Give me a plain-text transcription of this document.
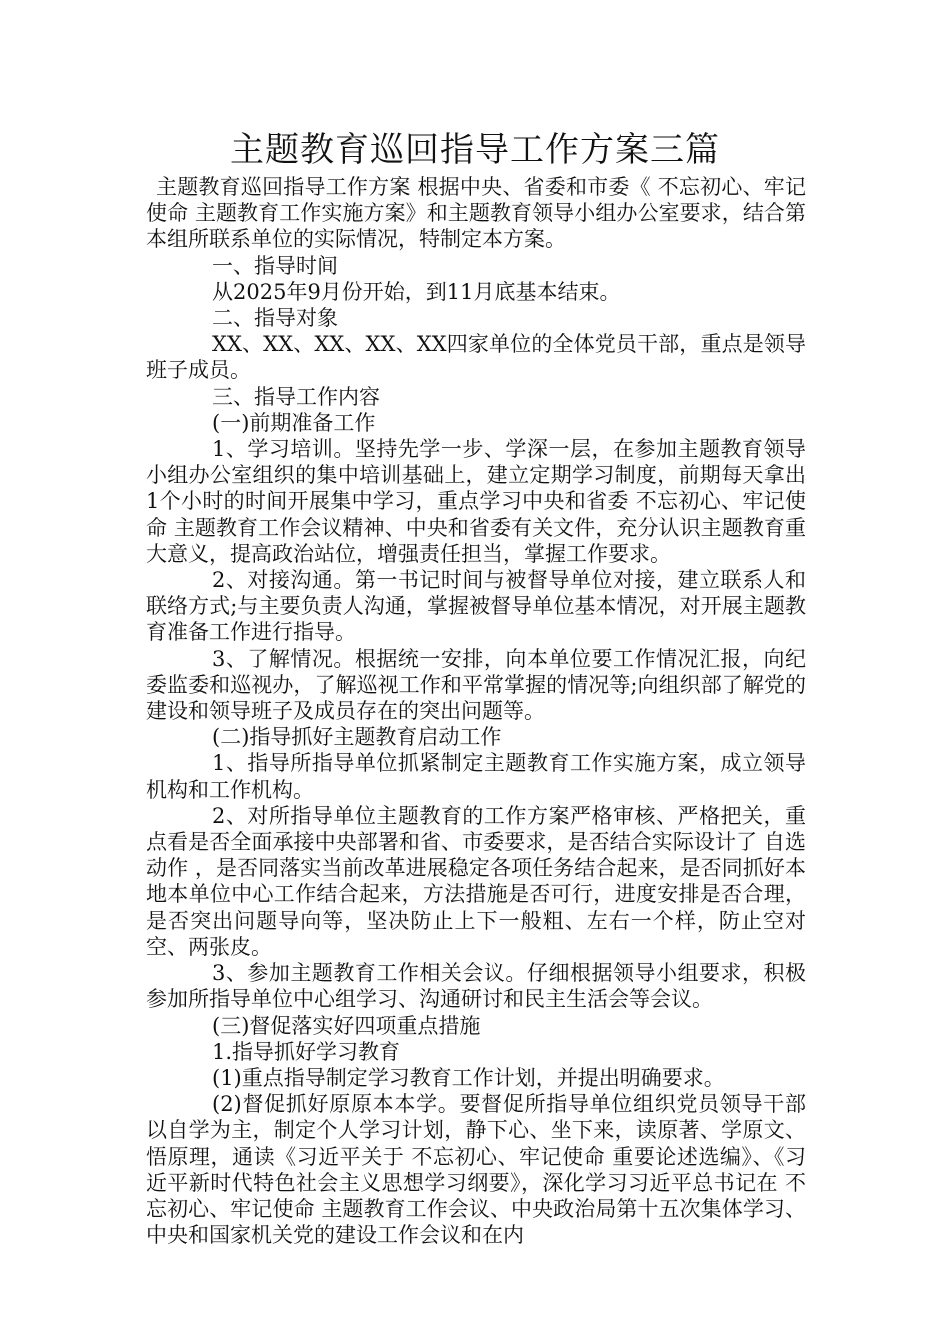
主题教育巡回指导工作方案三篇

主题教育巡回指导工作方案 根据中央、省委和市委《 不忘初心、牢记使命 主题教育工作实施方案》和主题教育领导小组办公室要求，结合第本组所联系单位的实际情况，特制定本方案。

一、指导时间

从2025年9月份开始，到11月底基本结束。

二、指导对象

XX、XX、XX、XX、XX四家单位的全体党员干部，重点是领导班子成员。

三、指导工作内容

(一)前期准备工作

1、学习培训。坚持先学一步、学深一层，在参加主题教育领导小组办公室组织的集中培训基础上，建立定期学习制度，前期每天拿出1个小时的时间开展集中学习，重点学习中央和省委 不忘初心、牢记使命 主题教育工作会议精神、中央和省委有关文件，充分认识主题教育重大意义，提高政治站位，增强责任担当，掌握工作要求。

2、对接沟通。第一书记时间与被督导单位对接，建立联系人和联络方式;与主要负责人沟通，掌握被督导单位基本情况，对开展主题教育准备工作进行指导。

3、了解情况。根据统一安排，向本单位要工作情况汇报，向纪委监委和巡视办，了解巡视工作和平常掌握的情况等;向组织部了解党的建设和领导班子及成员存在的突出问题等。

(二)指导抓好主题教育启动工作

1、指导所指导单位抓紧制定主题教育工作实施方案，成立领导机构和工作机构。

2、对所指导单位主题教育的工作方案严格审核、严格把关，重点看是否全面承接中央部署和省、市委要求，是否结合实际设计了 自选动作 ，是否同落实当前改革进展稳定各项任务结合起来，是否同抓好本地本单位中心工作结合起来，方法措施是否可行，进度安排是否合理，是否突出问题导向等，坚决防止上下一般粗、左右一个样，防止空对空、两张皮。

3、参加主题教育工作相关会议。仔细根据领导小组要求，积极参加所指导单位中心组学习、沟通研讨和民主生活会等会议。

(三)督促落实好四项重点措施

1.指导抓好学习教育

(1)重点指导制定学习教育工作计划，并提出明确要求。

(2)督促抓好原原本本学。要督促所指导单位组织党员领导干部以自学为主，制定个人学习计划，静下心、坐下来，读原著、学原文、悟原理，通读《习近平关于 不忘初心、牢记使命 重要论述选编》、《习近平新时代特色社会主义思想学习纲要》，深化学习习近平总书记在 不忘初心、牢记使命 主题教育工作会议、中央政治局第十五次集体学习、中央和国家机关党的建设工作会议和在内
